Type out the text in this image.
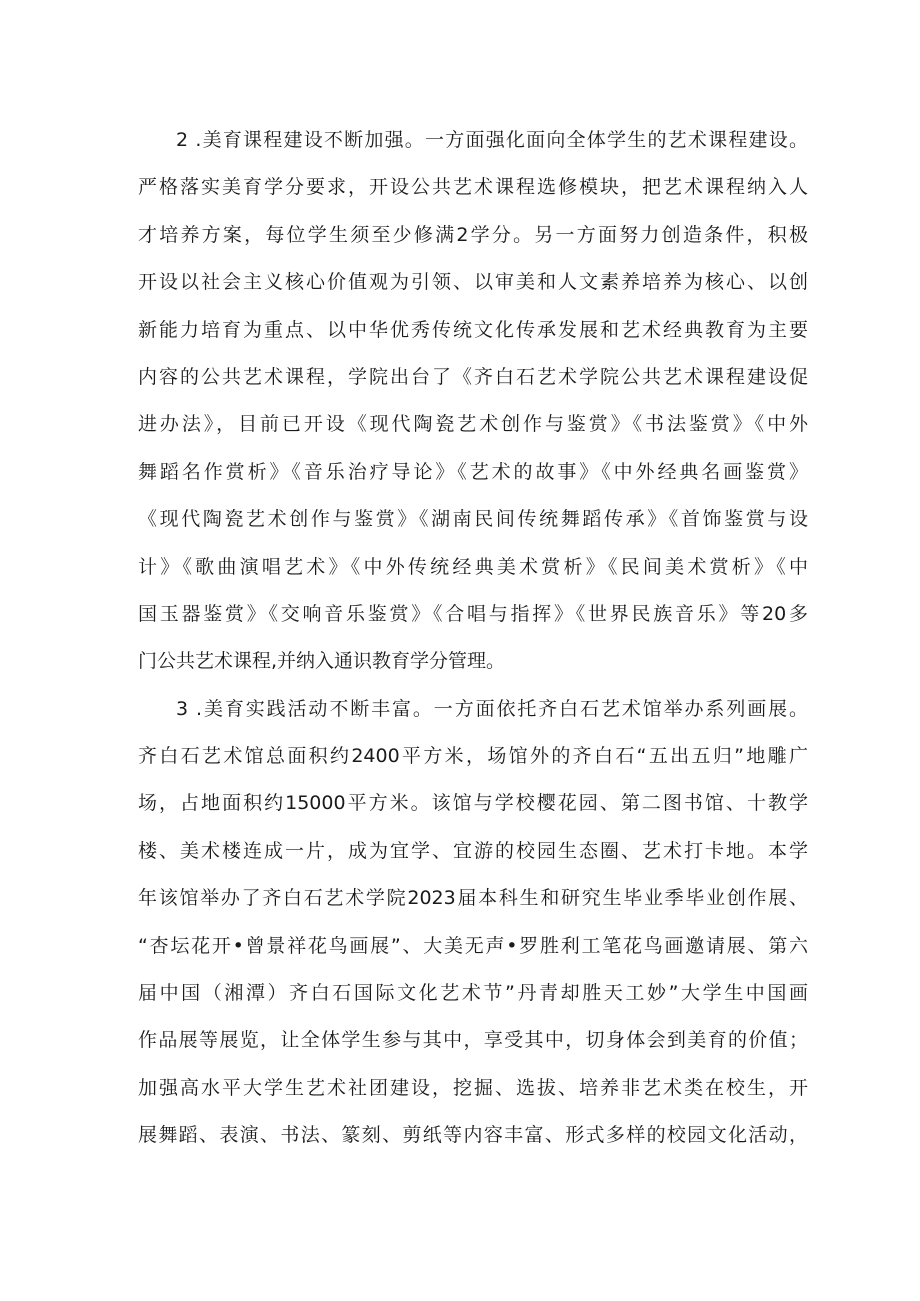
2 .美育课程建设不断加强。一方面强化面向全体学生的艺术课程建设。
严格落实美育学分要求，开设公共艺术课程选修模块，把艺术课程纳入人
才培养方案，每位学生须至少修满2学分。另一方面努力创造条件，积极
开设以社会主义核心价值观为引领、以审美和人文素养培养为核心、以创
新能力培育为重点、以中华优秀传统文化传承发展和艺术经典教育为主要
内容的公共艺术课程，学院出台了《齐白石艺术学院公共艺术课程建设促
进办法》，目前已开设《现代陶瓷艺术创作与鉴赏》《书法鉴赏》《中外
舞蹈名作赏析》《音乐治疗导论》《艺术的故事》《中外经典名画鉴赏》
《现代陶瓷艺术创作与鉴赏》《湖南民间传统舞蹈传承》《首饰鉴赏与设
计》《歌曲演唱艺术》《中外传统经典美术赏析》《民间美术赏析》《中
国玉器鉴赏》《交响音乐鉴赏》《合唱与指挥》《世界民族音乐》等20多
门公共艺术课程,并纳入通识教育学分管理。
3 .美育实践活动不断丰富。一方面依托齐白石艺术馆举办系列画展。
齐白石艺术馆总面积约2400平方米，场馆外的齐白石“五出五归”地雕广
场，占地面积约15000平方米。该馆与学校樱花园、第二图书馆、十教学
楼、美术楼连成一片，成为宜学、宜游的校园生态圈、艺术打卡地。本学
年该馆举办了齐白石艺术学院2023届本科生和研究生毕业季毕业创作展、
“杏坛花开•曾景祥花鸟画展”、大美无声•罗胜利工笔花鸟画邀请展、第六
届中国（湘潭）齐白石国际文化艺术节”丹青却胜天工妙”大学生中国画
作品展等展览，让全体学生参与其中，享受其中，切身体会到美育的价值；
加强高水平大学生艺术社团建设，挖掘、选拔、培养非艺术类在校生，开
展舞蹈、表演、书法、篆刻、剪纸等内容丰富、形式多样的校园文化活动，
